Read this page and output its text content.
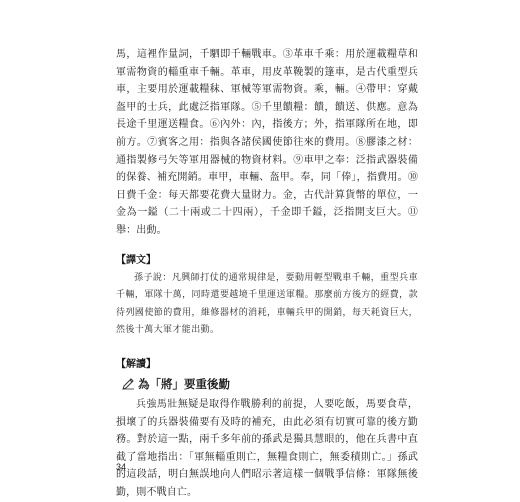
馬，這裡作量詞，千駟即千輛戰車。③革車千乘：用於運載糧草和軍需物資的輜重車千輛。革車，用皮革鞔製的篷車，是古代重型兵車，主要用於運載糧秣、軍械等軍需物資。乘，輛。④帶甲：穿戴盔甲的士兵，此處泛指軍隊。⑤千里饋糧：饋，饋送、供應。意為長途千里運送糧食。⑥內外：內，指後方；外，指軍隊所在地，即前方。⑦賓客之用：指與各諸侯國使節往來的費用。⑧膠漆之材：通指製修弓矢等軍用器械的物資材料。⑨車甲之奉：泛指武器裝備的保養、補充開銷。車甲，車輛、盔甲。奉，同「俸」，指費用。⑩日費千金：每天都要花費大量財力。金，古代計算貨幣的單位，一金為一鎰（二十兩或二十四兩），千金即千鎰，泛指開支巨大。⑪舉：出動。

【譯文】

孫子說：凡興師打仗的通常規律是，要動用輕型戰車千輛，重型兵車千輛，軍隊十萬，同時還要越境千里運送軍糧。那麼前方後方的經費，款待列國使節的費用，維修器材的消耗，車輛兵甲的開銷，每天耗資巨大，然後十萬大軍才能出動。

【解讀】
為「將」要重後勤

兵強馬壯無疑是取得作戰勝利的前提，人要吃飯，馬要食草，損壞了的兵器裝備要有及時的補充，由此必須有切實可靠的後方勤務。對於這一點，兩千多年前的孫武是獨具慧眼的，他在兵書中直截了當地指出：「軍無輜重則亡，無糧食則亡，無委積則亡。」孫武的這段話，明白無誤地向人們昭示著這樣一個戰爭信條：軍隊無後勤，則不戰自亡。

34
